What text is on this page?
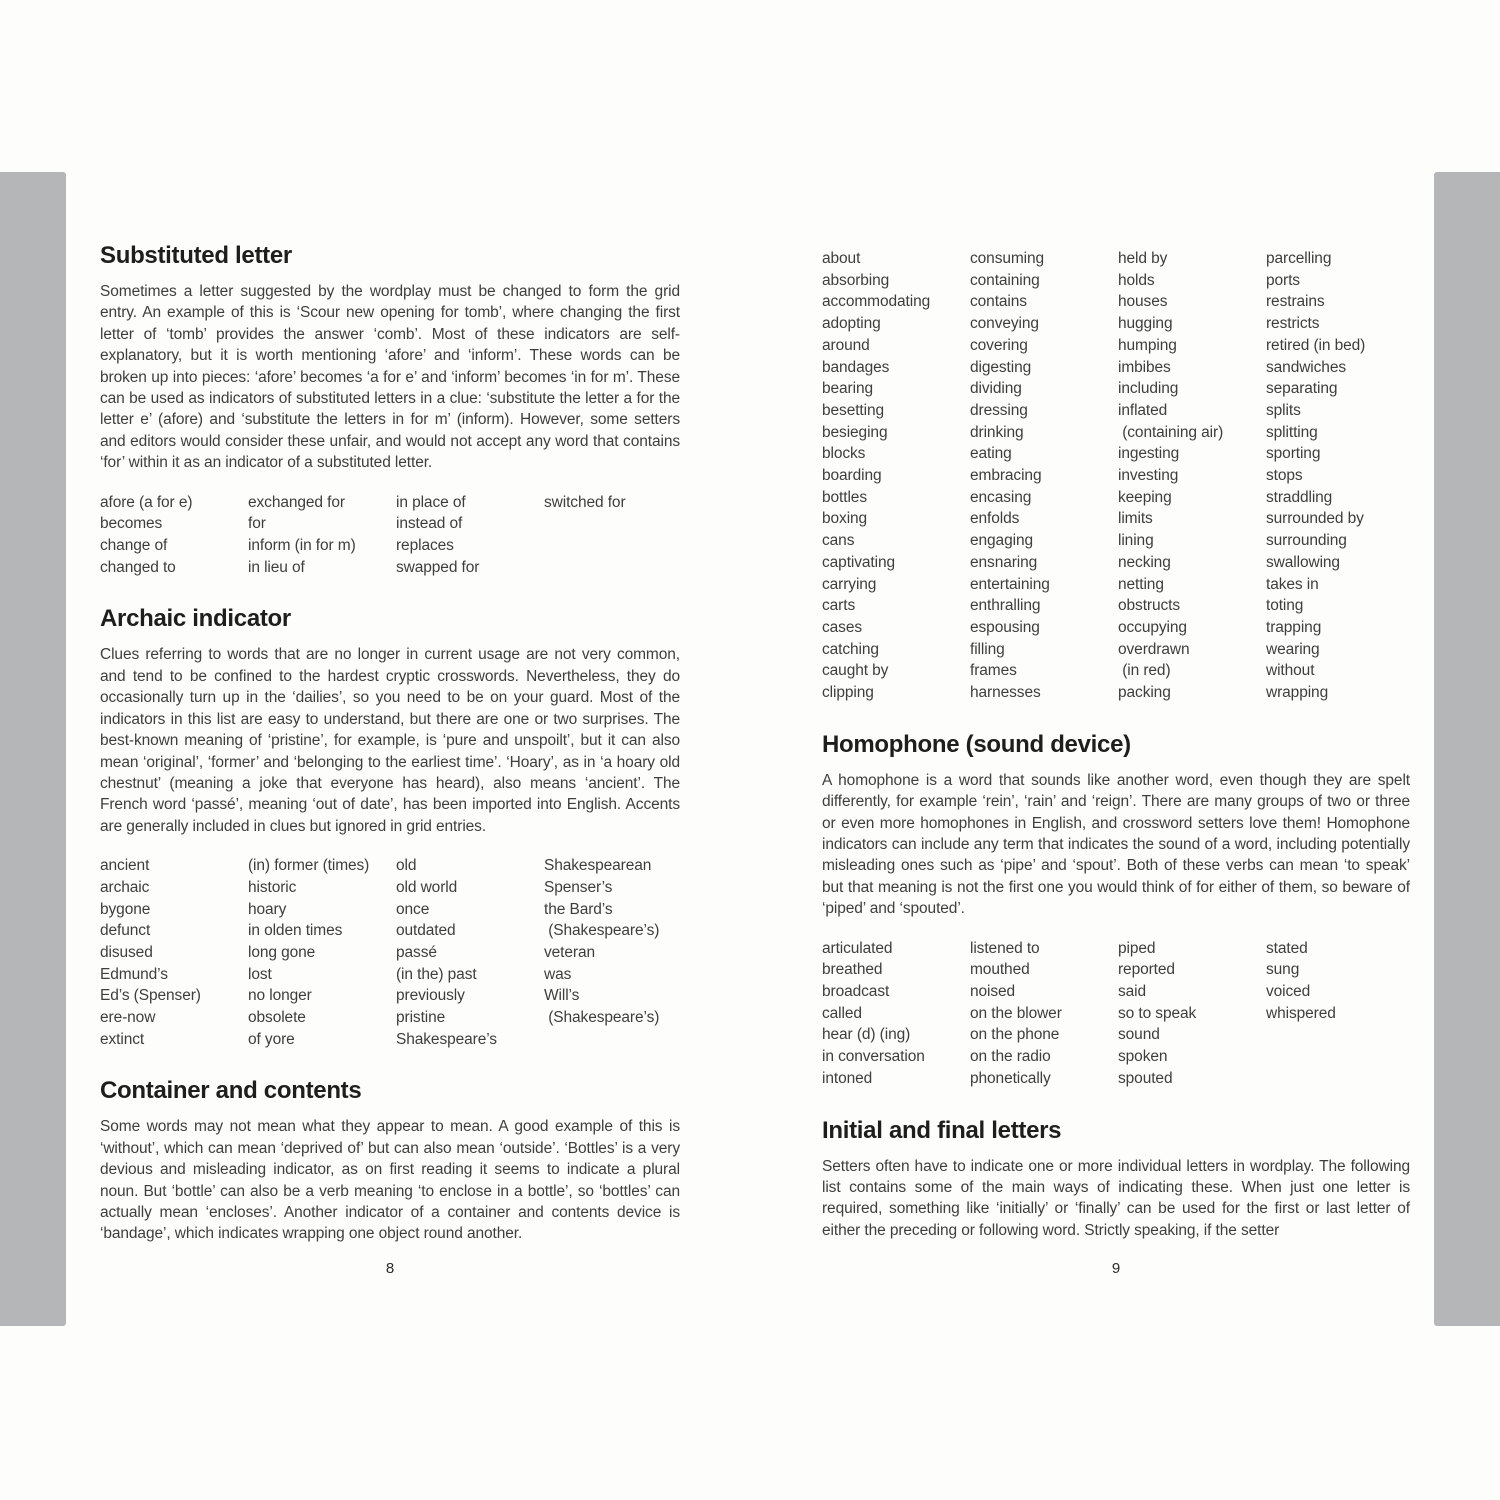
Substituted letter

Sometimes a letter suggested by the wordplay must be changed to form the grid entry. An example of this is ‘Scour new opening for tomb’, where changing the first letter of ‘tomb’ provides the answer ‘comb’. Most of these indicators are self-explanatory, but it is worth mentioning ‘afore’ and ‘inform’. These words can be broken up into pieces: ‘afore’ becomes ‘a for e’ and ‘inform’ becomes ‘in for m’. These can be used as indicators of substituted letters in a clue: ‘substitute the letter a for the letter e’ (afore) and ‘substitute the letters in for m’ (inform). However, some setters and editors would consider these unfair, and would not accept any word that contains ‘for’ within it as an indicator of a substituted letter.

afore (a for e)
becomes
change of
changed to
exchanged for
for
inform (in for m)
in lieu of
in place of
instead of
replaces
swapped for
switched for
Archaic indicator

Clues referring to words that are no longer in current usage are not very common, and tend to be confined to the hardest cryptic crosswords. Nevertheless, they do occasionally turn up in the ‘dailies’, so you need to be on your guard. Most of the indicators in this list are easy to understand, but there are one or two surprises. The best-known meaning of ‘pristine’, for example, is ‘pure and unspoilt’, but it can also mean ‘original’, ‘former’ and ‘belonging to the earliest time’. ‘Hoary’, as in ‘a hoary old chestnut’ (meaning a joke that everyone has heard), also means ‘ancient’. The French word ‘passé’, meaning ‘out of date’, has been imported into English. Accents are generally included in clues but ignored in grid entries.

ancient
archaic
bygone
defunct
disused
Edmund’s
Ed’s (Spenser)
ere-now
extinct
(in) former (times)
historic
hoary
in olden times
long gone
lost
no longer
obsolete
of yore
old
old world
once
outdated
passé
(in the) past
previously
pristine
Shakespeare’s
Shakespearean
Spenser’s
the Bard’s
(Shakespeare’s)
veteran
was
Will’s
(Shakespeare’s)
Container and contents

Some words may not mean what they appear to mean. A good example of this is ‘without’, which can mean ‘deprived of’ but can also mean ‘outside’. ‘Bottles’ is a very devious and misleading indicator, as on first reading it seems to indicate a plural noun. But ‘bottle’ can also be a verb meaning ‘to enclose in a bottle’, so ‘bottles’ can actually mean ‘encloses’. Another indicator of a container and contents device is ‘bandage’, which indicates wrapping one object round another.

about
absorbing
accommodating
adopting
around
bandages
bearing
besetting
besieging
blocks
boarding
bottles
boxing
cans
captivating
carrying
carts
cases
catching
caught by
clipping
consuming
containing
contains
conveying
covering
digesting
dividing
dressing
drinking
eating
embracing
encasing
enfolds
engaging
ensnaring
entertaining
enthralling
espousing
filling
frames
harnesses
held by
holds
houses
hugging
humping
imbibes
including
inflated
(containing air)
ingesting
investing
keeping
limits
lining
necking
netting
obstructs
occupying
overdrawn
(in red)
packing
parcelling
ports
restrains
restricts
retired (in bed)
sandwiches
separating
splits
splitting
sporting
stops
straddling
surrounded by
surrounding
swallowing
takes in
toting
trapping
wearing
without
wrapping
Homophone (sound device)

A homophone is a word that sounds like another word, even though they are spelt differently, for example ‘rein’, ‘rain’ and ‘reign’. There are many groups of two or three or even more homophones in English, and crossword setters love them! Homophone indicators can include any term that indicates the sound of a word, including potentially misleading ones such as ‘pipe’ and ‘spout’. Both of these verbs can mean ‘to speak’ but that meaning is not the first one you would think of for either of them, so beware of ‘piped’ and ‘spouted’.

articulated
breathed
broadcast
called
hear (d) (ing)
in conversation
intoned
listened to
mouthed
noised
on the blower
on the phone
on the radio
phonetically
piped
reported
said
so to speak
sound
spoken
spouted
stated
sung
voiced
whispered
Initial and final letters

Setters often have to indicate one or more individual letters in wordplay. The following list contains some of the main ways of indicating these. When just one letter is required, something like ‘initially’ or ‘finally’ can be used for the first or last letter of either the preceding or following word. Strictly speaking, if the setter

8	9
